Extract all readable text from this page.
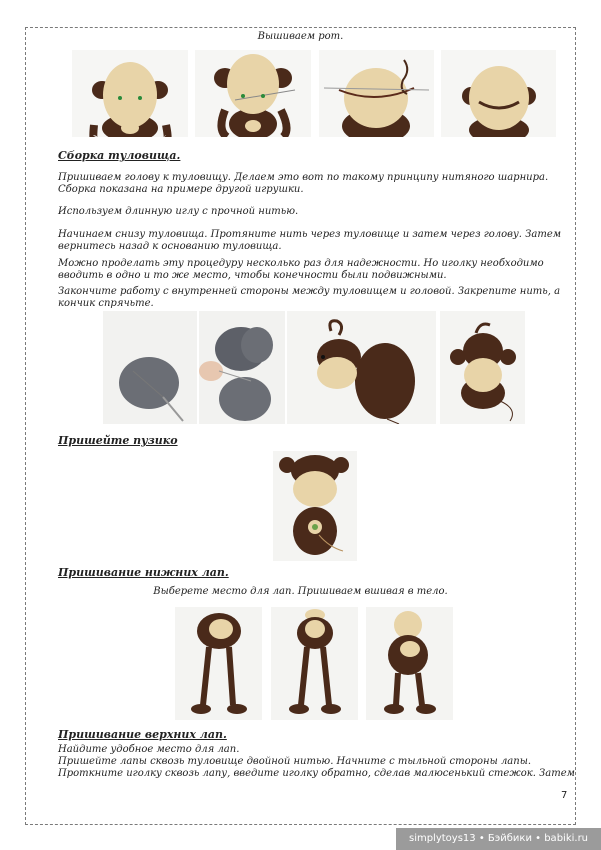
Вышиваем рот.
Сборка туловища.
Пришиваем голову к туловищу. Делаем это вот по такому принципу нитяного шарнира.
Сборка показана на примере другой игрушки.
Используем длинную иглу с прочной нитью.
Начинаем снизу туловища. Протяните нить через туловище и затем через голову. Затем
вернитесь назад к основанию туловища.
Можно проделать эту процедуру несколько раз для надежности. Но иголку необходимо
вводить в одно и то же место, чтобы конечности были подвижными.
Закончите работу с внутренней стороны между туловищем и головой. Закрепите нить, а
кончик спрячьте.
Пришейте пузико
Пришивание нижних лап.
Выберете место для лап. Пришиваем вшивая в тело.
Пришивание верхних лап.
Найдите удобное место для лап.
Пришейте лапы сквозь туловище двойной нитью. Начните с тыльной стороны лапы.
Проткните иголку сквозь лапу, введите иголку обратно, сделав малюсенький стежок. Затем
7
simplytoys13 • Бэйбики • babiki.ru
